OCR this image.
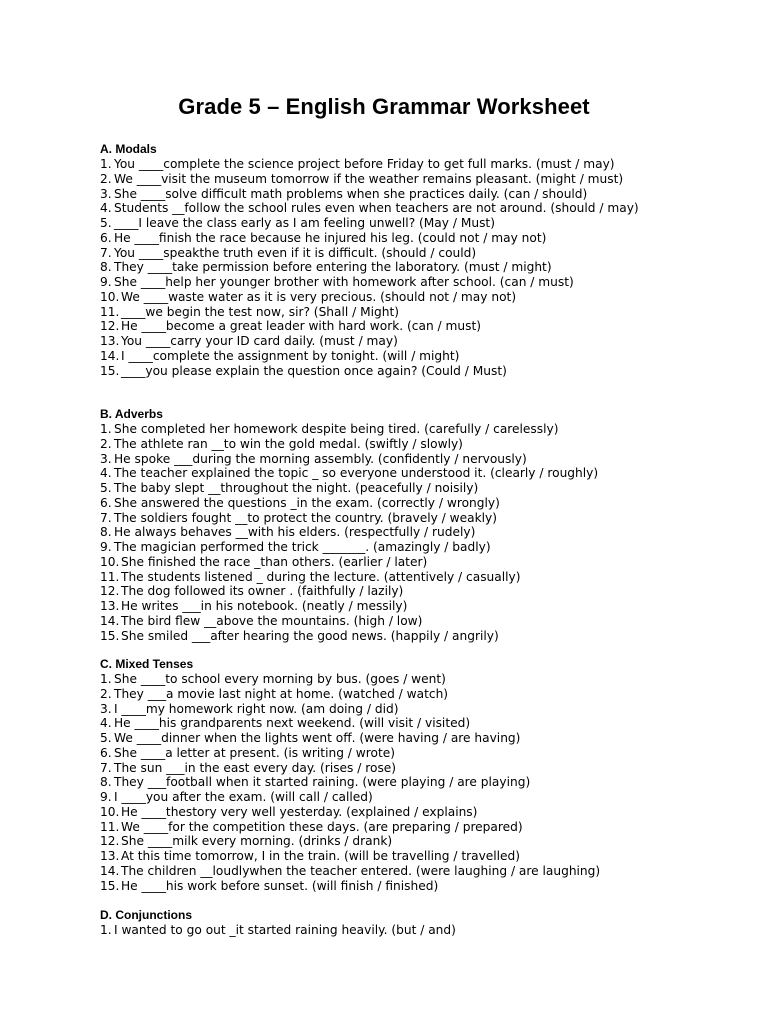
Grade 5 – English Grammar Worksheet
A. Modals
1. You ____complete the science project before Friday to get full marks. (must / may)
2. We ____visit the museum tomorrow if the weather remains pleasant. (might / must)
3. She ____solve difficult math problems when she practices daily. (can / should)
4. Students __follow the school rules even when teachers are not around. (should / may)
5. ____I leave the class early as I am feeling unwell? (May / Must)
6. He ____finish the race because he injured his leg. (could not / may not)
7. You ____speakthe truth even if it is difficult. (should / could)
8. They ____take permission before entering the laboratory. (must / might)
9. She ____help her younger brother with homework after school. (can / must)
10. We ____waste water as it is very precious. (should not / may not)
11. ____we begin the test now, sir? (Shall / Might)
12. He ____become a great leader with hard work. (can / must)
13. You ____carry your ID card daily. (must / may)
14. I ____complete the assignment by tonight. (will / might)
15. ____you please explain the question once again? (Could / Must)
B. Adverbs
1. She completed her homework despite being tired. (carefully / carelessly)
2. The athlete ran __to win the gold medal. (swiftly / slowly)
3. He spoke ___during the morning assembly. (confidently / nervously)
4. The teacher explained the topic _ so everyone understood it. (clearly / roughly)
5. The baby slept __throughout the night. (peacefully / noisily)
6. She answered the questions _in the exam. (correctly / wrongly)
7. The soldiers fought __to protect the country. (bravely / weakly)
8. He always behaves __with his elders. (respectfully / rudely)
9. The magician performed the trick _______. (amazingly / badly)
10. She finished the race _than others. (earlier / later)
11. The students listened _ during the lecture. (attentively / casually)
12. The dog followed its owner . (faithfully / lazily)
13. He writes ___in his notebook. (neatly / messily)
14. The bird flew __above the mountains. (high / low)
15. She smiled ___after hearing the good news. (happily / angrily)
C. Mixed Tenses
1. She ____to school every morning by bus. (goes / went)
2. They ___a movie last night at home. (watched / watch)
3. I ____my homework right now. (am doing / did)
4. He ____his grandparents next weekend. (will visit / visited)
5. We ____dinner when the lights went off. (were having / are having)
6. She ____a letter at present. (is writing / wrote)
7. The sun ___in the east every day. (rises / rose)
8. They ___football when it started raining. (were playing / are playing)
9. I ____you after the exam. (will call / called)
10. He ____thestory very well yesterday. (explained / explains)
11. We ____for the competition these days. (are preparing / prepared)
12. She ____milk every morning. (drinks / drank)
13. At this time tomorrow, I in the train. (will be travelling / travelled)
14. The children __loudlywhen the teacher entered. (were laughing / are laughing)
15. He ____his work before sunset. (will finish / finished)
D. Conjunctions
1. I wanted to go out _it started raining heavily. (but / and)
